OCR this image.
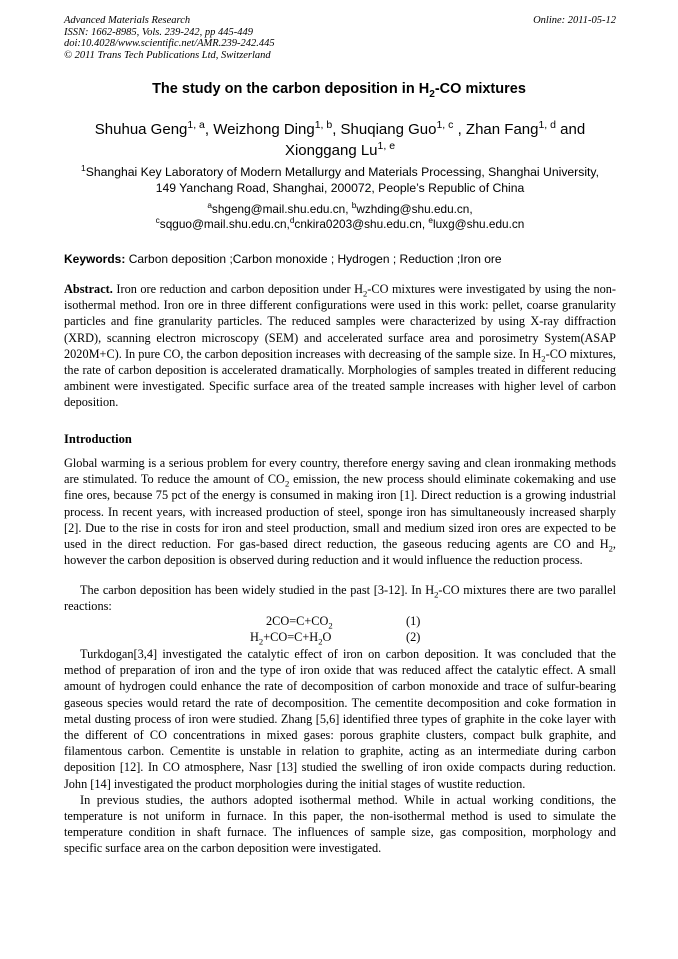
Advanced Materials Research
ISSN: 1662-8985, Vols. 239-242, pp 445-449
doi:10.4028/www.scientific.net/AMR.239-242.445
© 2011 Trans Tech Publications Ltd, Switzerland
Online: 2011-05-12
The study on the carbon deposition in $H_2-CO$ mixtures
Shuhua Geng$^{1, a}$, Weizhong Ding$^{1, b}$, Shuqiang Guo$^{1, c}$ , Zhan Fang$^{1, d}$ and
Xionggang Lu$^{1, e}$
$^1$Shanghai Key Laboratory of Modern Metallurgy and Materials Processing, Shanghai University,
149 Yanchang Road, Shanghai, 200072, People’s Republic of China
$^a$shgeng@mail.shu.edu.cn, $^b$wzhding@shu.edu.cn,
$^c$sqguo@mail.shu.edu.cn,$^d$cnkira0203@shu.edu.cn, $^e$luxg@shu.edu.cn
Keywords: Carbon deposition ;Carbon monoxide ; Hydrogen ; Reduction ;Iron ore
Abstract. Iron ore reduction and carbon deposition under $H_2-CO$ mixtures were investigated by using the non-isothermal method. Iron ore in three different configurations were used in this work: pellet, coarse granularity particles and fine granularity particles. The reduced samples were characterized by using X-ray diffraction (XRD), scanning electron microscopy (SEM) and accelerated surface area and porosimetry System(ASAP 2020M+C). In pure CO, the carbon deposition increases with decreasing of the sample size. In $H_2-CO$ mixtures, the rate of carbon deposition is accelerated dramatically. Morphologies of samples treated in different reducing ambinent were investigated. Specific surface area of the treated sample increases with higher level of carbon deposition.
Introduction
Global warming is a serious problem for every country, therefore energy saving and clean ironmaking methods are stimulated. To reduce the amount of $CO_2$ emission, the new process should eliminate cokemaking and use fine ores, because 75 pct of the energy is consumed in making iron [1]. Direct reduction is a growing industrial process. In recent years, with increased production of steel, sponge iron has simultaneously increased sharply [2]. Due to the rise in costs for iron and steel production, small and medium sized iron ores are expected to be used in the direct reduction. For gas-based direct reduction, the gaseous reducing agents are CO and $H_2$, however the carbon deposition is observed during reduction and it would influence the reduction process.
The carbon deposition has been widely studied in the past [3-12]. In $H_2-CO$ mixtures there are two parallel reactions:
$2CO=C+CO_2$	(1)
$H_2+CO=C+H_2O$	(2)

Turkdogan[3,4] investigated the catalytic effect of iron on carbon deposition. It was concluded that the method of preparation of iron and the type of iron oxide that was reduced affect the catalytic effect. A small amount of hydrogen could enhance the rate of decomposition of carbon monoxide and trace of sulfur-bearing gaseous species would retard the rate of decomposition. The cementite decomposition and coke formation in metal dusting process of iron were studied. Zhang [5,6] identified three types of graphite in the coke layer with the different of CO concentrations in mixed gases: porous graphite clusters, compact bulk graphite, and filamentous carbon. Cementite is unstable in relation to graphite, acting as an intermediate during carbon deposition [12]. In CO atmosphere, Nasr [13] studied the swelling of iron oxide compacts during reduction. John [14] investigated the product morphologies during the initial stages of wustite reduction.

In previous studies, the authors adopted isothermal method. While in actual working conditions, the temperature is not uniform in furnace. In this paper, the non-isothermal method is used to simulate the temperature condition in shaft furnace. The influences of sample size, gas composition, morphology and specific surface area on the carbon deposition were investigated.
